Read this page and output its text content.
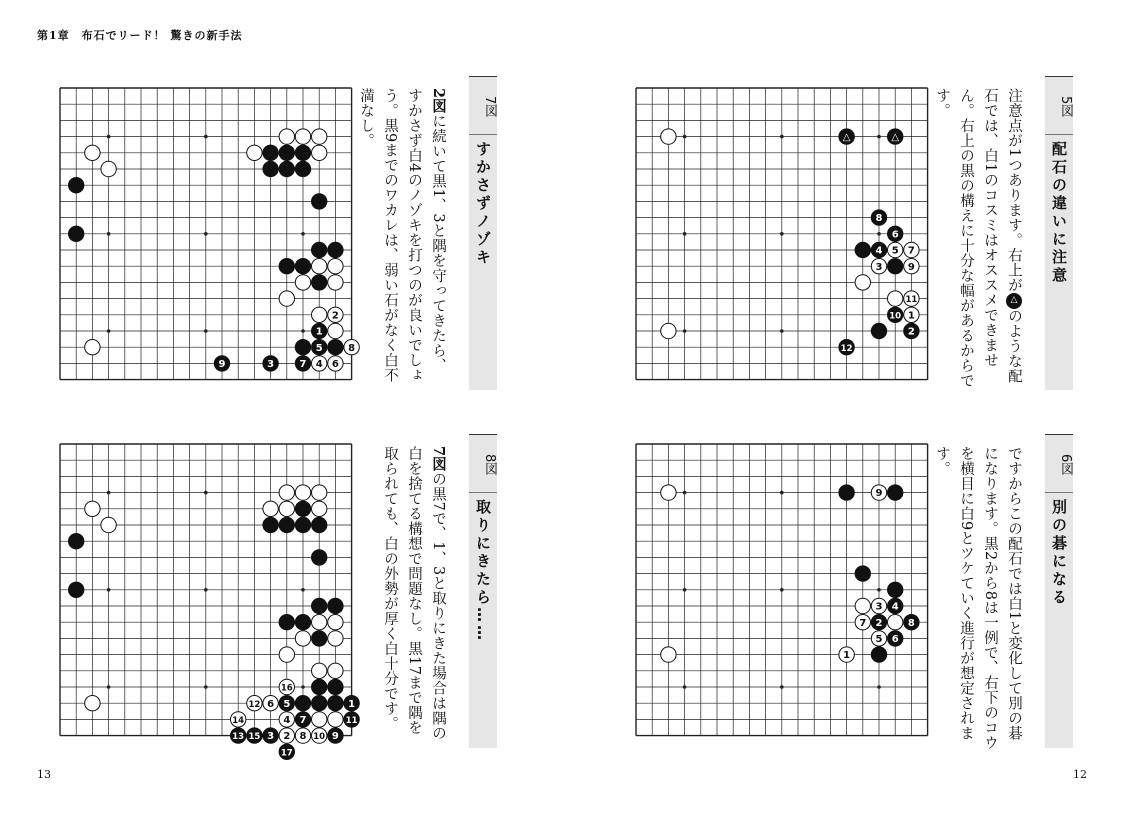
第1章　布石でリード！ 驚きの新手法
2
1
5	8
9	3	7 4 6
16
12 6 5	1
14	4 7	11
13 15 3 2 8 10 9
17
△	△
8
6
4 5 7
3	9
11
10 1
2
12
9
3 4
7 2	8
5 6
1
7図
すかさずノゾキ
8図
取りにきたら……
5図
配石の違いに注意
6図
別の碁になる
2図に続いて黒1、3と隅を守ってきたら、すかさず白4のノゾキを打つのが良いでしょう。黒9までのワカレは、弱い石がなく白不満なし。
7図の黒7で、1、3と取りにきた場合は隅の白を捨てる構想で問題なし。黒17まで隅を取られても、白の外勢が厚く白十分です。
注意点が1つあります。右上が△のような配石では、白1のコスミはオススメできません。右上の黒の構えに十分な幅があるからです。
ですからこの配石では白1と変化して別の碁になります。黒2から8は一例で、右下のコウを横目に白9とツケていく進行が想定されます。
13	12
